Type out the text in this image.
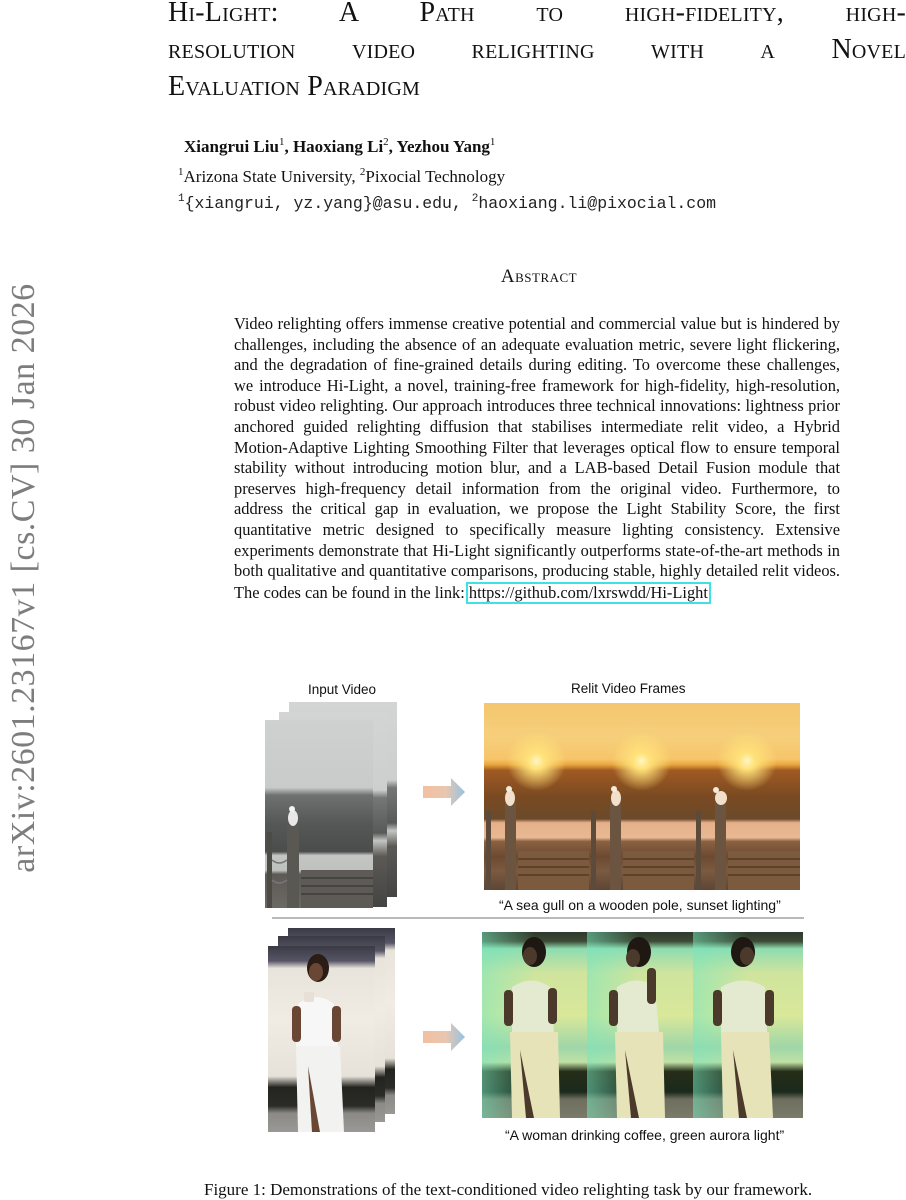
arXiv:2601.23167v1 [cs.CV] 30 Jan 2026
Hi-Light: A Path to high-fidelity, high-
resolution video relighting with a Novel
Evaluation Paradigm
Xiangrui Liu$^1$, Haoxiang Li$^2$, Yezhou Yang$^1$
$^1$Arizona State University, $^2$Pixocial Technology
$^1${xiangrui, yz.yang}@asu.edu, $^2$haoxiang.li@pixocial.com
Abstract
Video relighting offers immense creative potential and commercial value but is hindered by challenges, including the absence of an adequate evaluation metric, severe light flickering, and the degradation of fine-grained details during editing. To overcome these challenges, we introduce Hi-Light, a novel, training-free framework for high-fidelity, high-resolution, robust video relighting. Our approach introduces three technical innovations: lightness prior anchored guided relighting diffusion that stabilises intermediate relit video, a Hybrid Motion-Adaptive Lighting Smoothing Filter that leverages optical flow to ensure temporal stability without introducing motion blur, and a LAB-based Detail Fusion module that preserves high-frequency detail information from the original video. Furthermore, to address the critical gap in evaluation, we propose the Light Stability Score, the first quantitative metric designed to specifically measure lighting consistency. Extensive experiments demonstrate that Hi-Light significantly outperforms state-of-the-art methods in both qualitative and quantitative comparisons, producing stable, highly detailed relit videos. The codes can be found in the link: https://github.com/lxrswdd/Hi-Light
Input Video	Relit Video Frames
“A sea gull on a wooden pole, sunset lighting”
“A woman drinking coffee, green aurora light”
Figure 1: Demonstrations of the text-conditioned video relighting task by our framework.
